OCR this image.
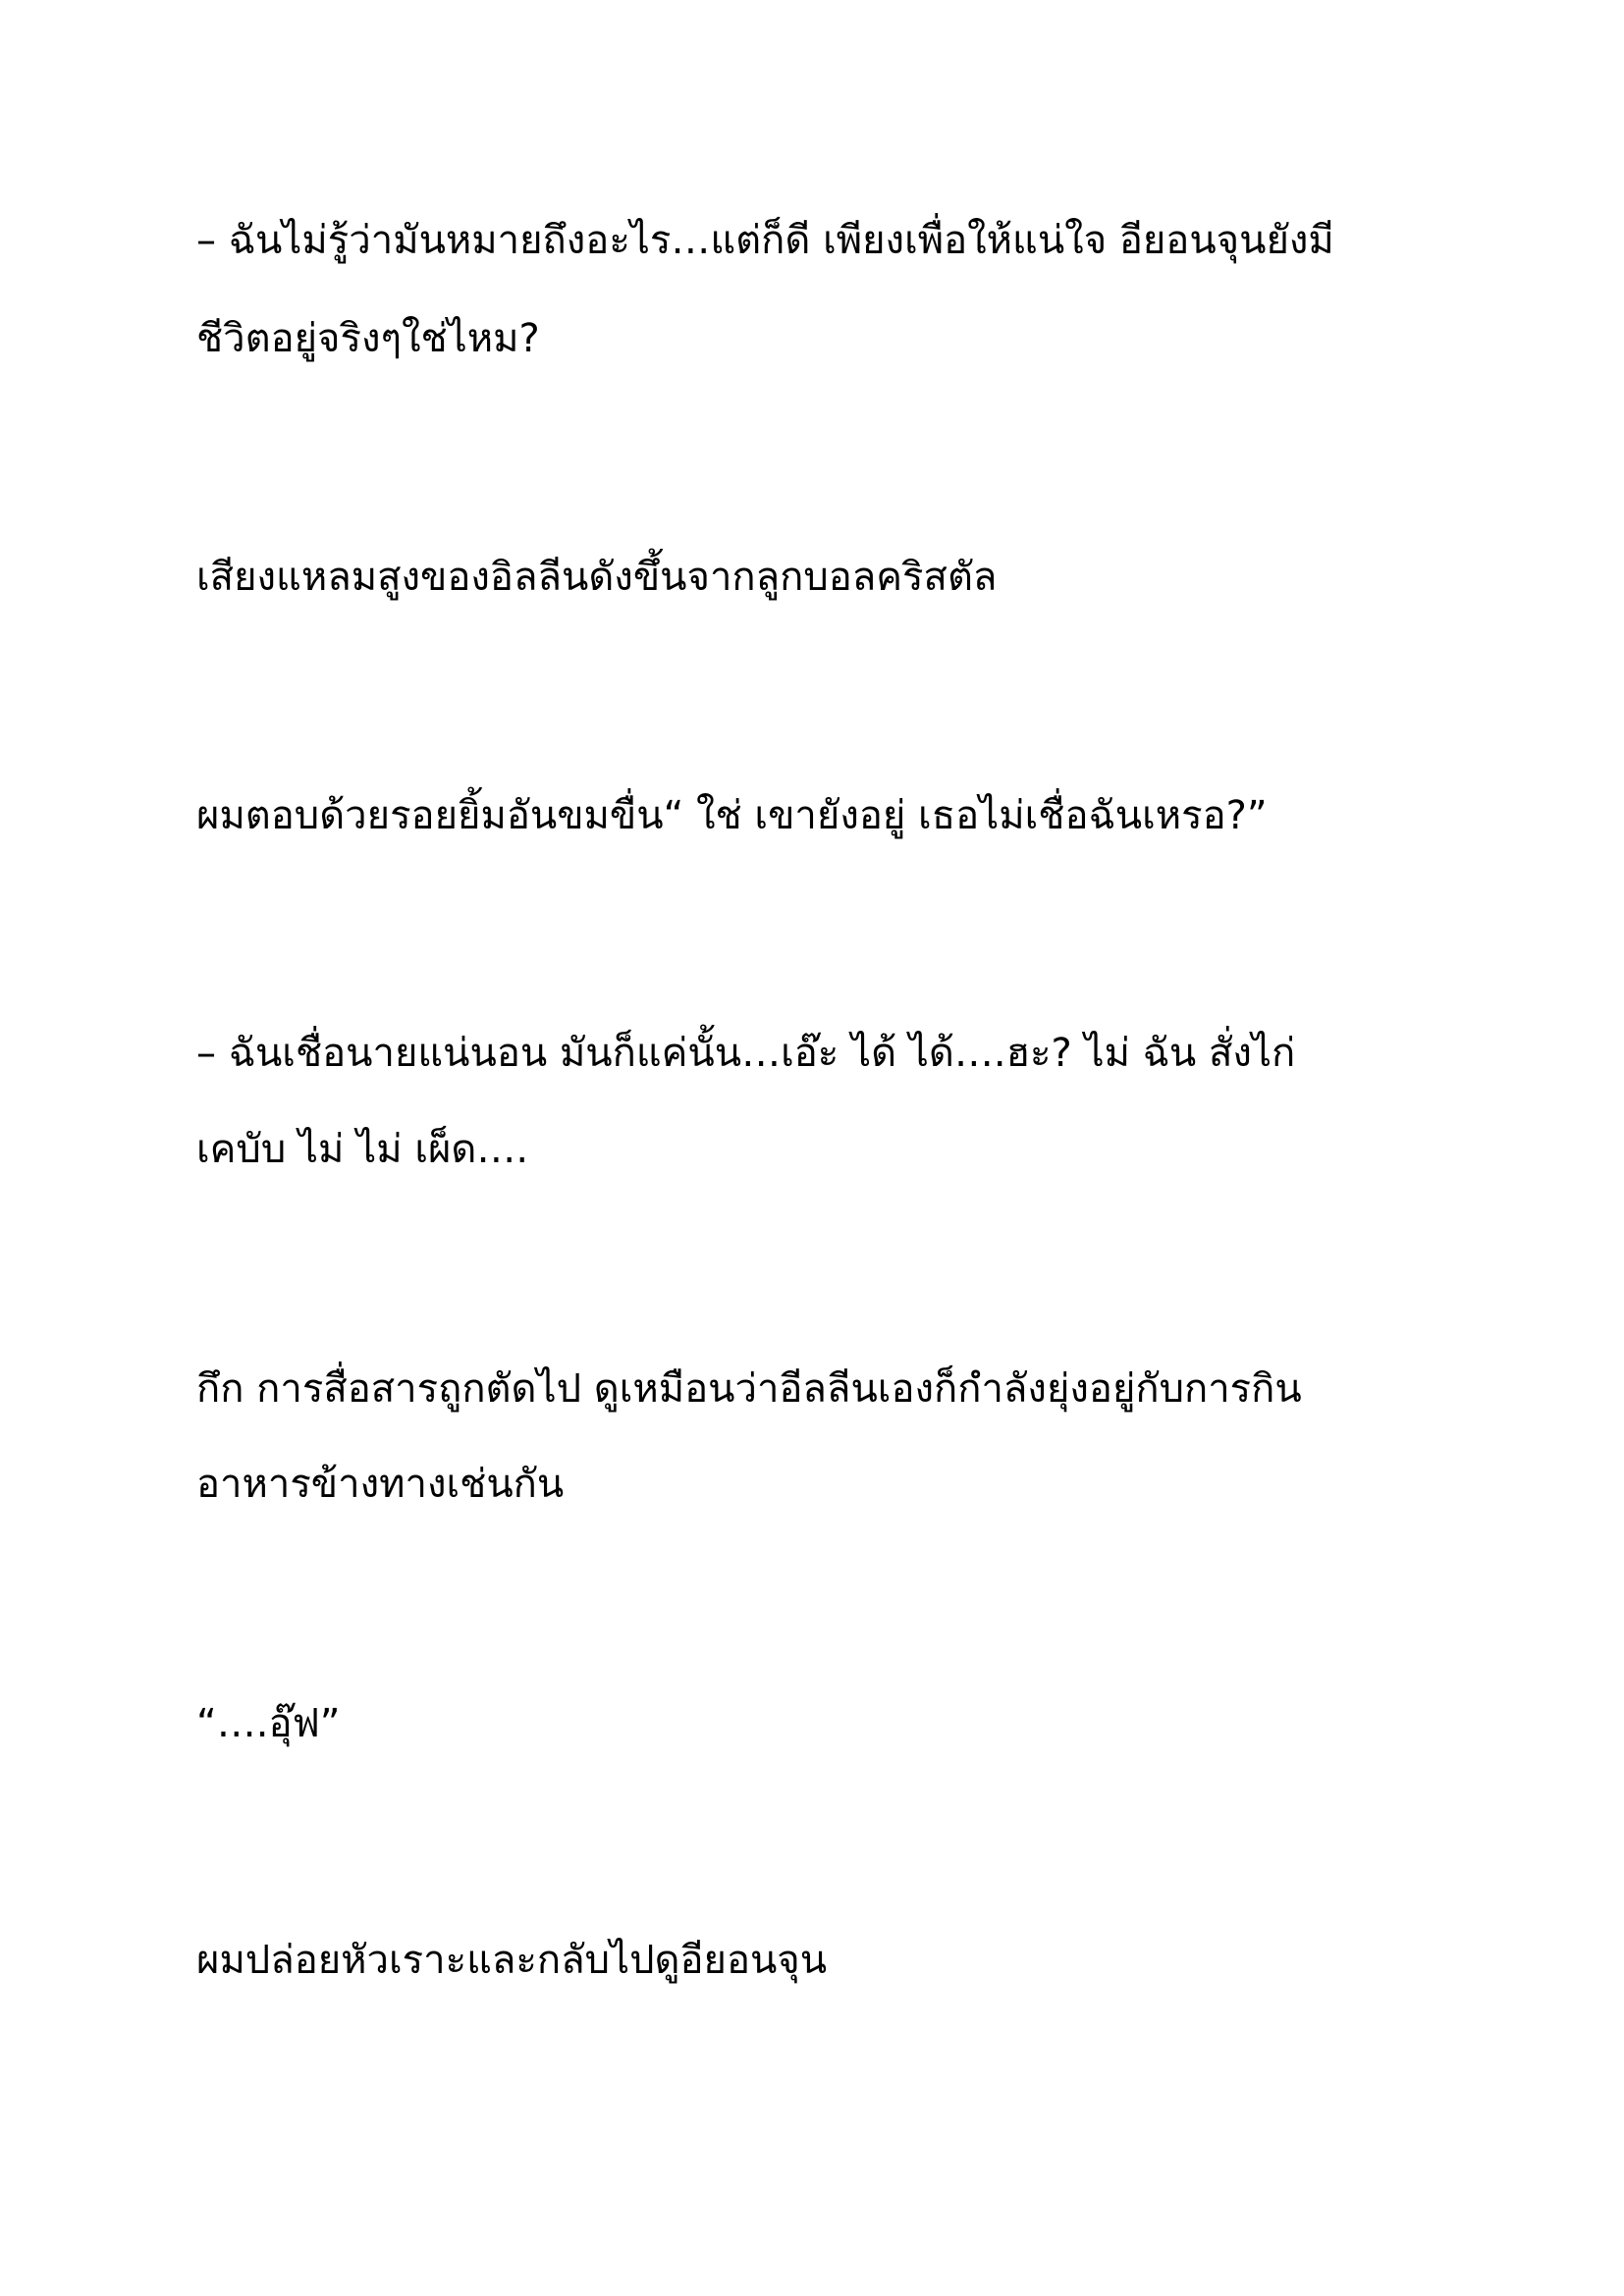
– ฉันไม่รู้ว่ามันหมายถึงอะไร…แต่ก็ดี เพียงเพื่อให้แน่ใจ อียอนจุนยังมี

ชีวิตอยู่จริงๆใช่ไหม?

เสียงแหลมสูงของอิลลีนดังขึ้นจากลูกบอลคริสตัล

ผมตอบด้วยรอยยิ้มอันขมขื่น“ ใช่ เขายังอยู่ เธอไม่เชื่อฉันเหรอ?”

– ฉันเชื่อนายแน่นอน มันก็แค่นั้น…เอ๊ะ ได้ ได้….ฮะ? ไม่ ฉัน สั่งไก่

เคบับ ไม่ ไม่ เผ็ด….

กึก การสื่อสารถูกตัดไป ดูเหมือนว่าอีลลีนเองก็กำลังยุ่งอยู่กับการกิน

อาหารข้างทางเช่นกัน

“….อุ๊ฟ”

ผมปล่อยหัวเราะและกลับไปดูอียอนจุน
